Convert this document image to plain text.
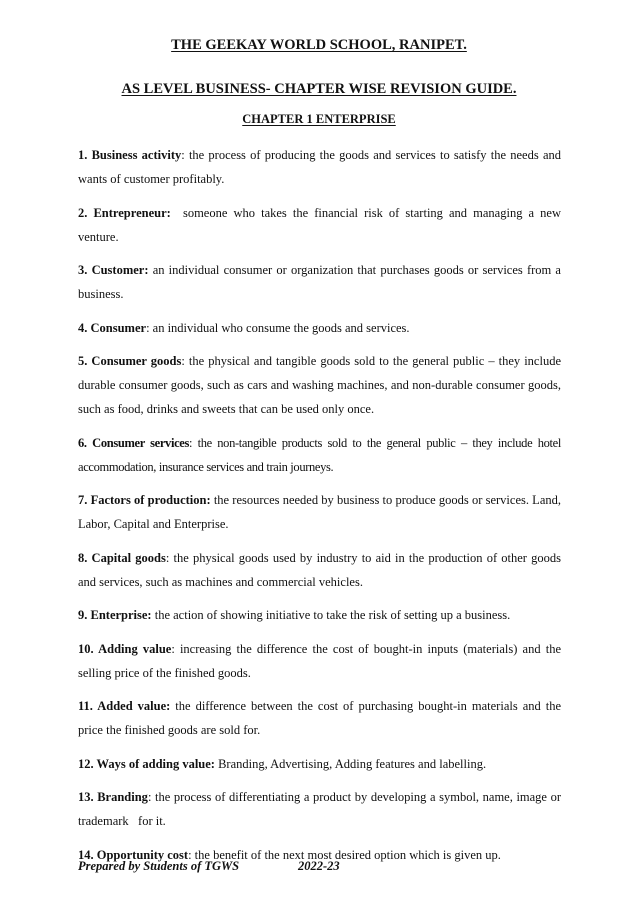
THE GEEKAY WORLD SCHOOL, RANIPET.
AS LEVEL BUSINESS- CHAPTER WISE REVISION GUIDE.
CHAPTER 1 ENTERPRISE

1. Business activity: the process of producing the goods and services to satisfy the needs and wants of customer profitably.

2. Entrepreneur:  someone who takes the financial risk of starting and managing a new venture.

3. Customer: an individual consumer or organization that purchases goods or services from a business.

4. Consumer: an individual who consume the goods and services.

5. Consumer goods: the physical and tangible goods sold to the general public – they include durable consumer goods, such as cars and washing machines, and non-durable consumer goods, such as food, drinks and sweets that can be used only once.

6. Consumer services: the non-tangible products sold to the general public – they include hotel accommodation, insurance services and train journeys.

7. Factors of production: the resources needed by business to produce goods or services. Land, Labor, Capital and Enterprise.

8. Capital goods: the physical goods used by industry to aid in the production of other goods and services, such as machines and commercial vehicles.

9. Enterprise: the action of showing initiative to take the risk of setting up a business.

10. Adding value: increasing the difference the cost of bought-in inputs (materials) and the selling price of the finished goods.

11. Added value: the difference between the cost of purchasing bought-in materials and the price the finished goods are sold for.

12. Ways of adding value: Branding, Advertising, Adding features and labelling.

13. Branding: the process of differentiating a product by developing a symbol, name, image or trademark   for it.

14. Opportunity cost: the benefit of the next most desired option which is given up.

Prepared by Students of TGWS	2022-23
